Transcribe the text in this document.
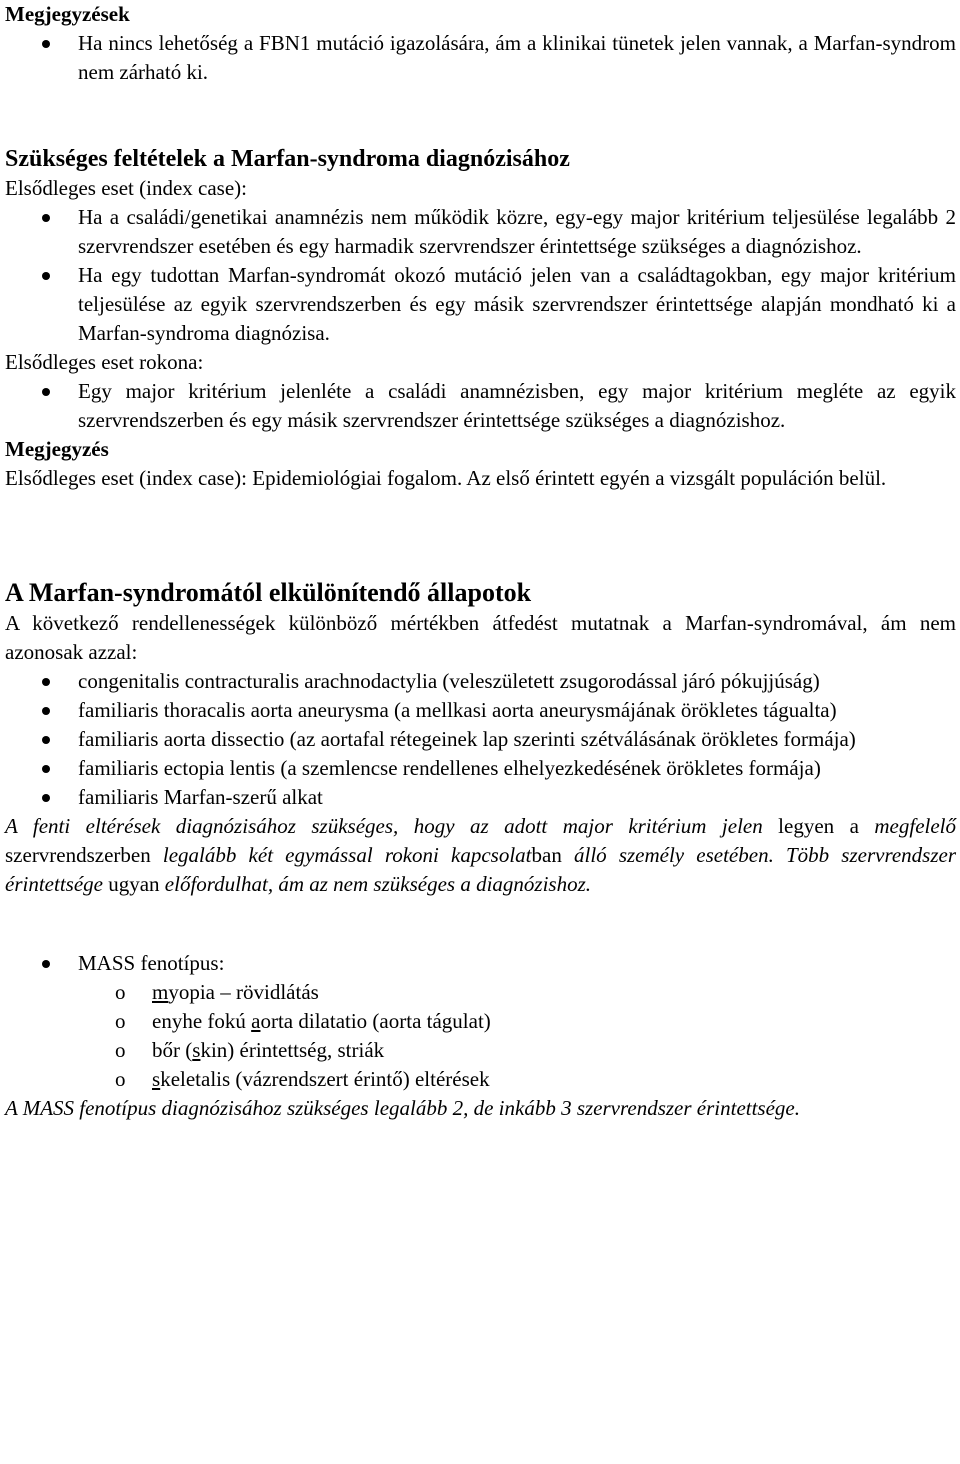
Megjegyzések
Ha nincs lehetőség a FBN1 mutáció igazolására, ám a klinikai tünetek jelen vannak, a Marfan-syndrom nem zárható ki.
Szükséges feltételek a Marfan-syndroma diagnózisához

Elsődleges eset (index case):

Ha a családi/genetikai anamnézis nem működik közre, egy-egy major kritérium teljesülése legalább 2 szervrendszer esetében és egy harmadik szervrendszer érintettsége szükséges a diagnózishoz.
Ha egy tudottan Marfan-syndromát okozó mutáció jelen van a családtagokban, egy major kritérium teljesülése az egyik szervrendszerben és egy másik szervrendszer érintettsége alapján mondható ki a Marfan-syndroma diagnózisa.

Elsődleges eset rokona:

Egy major kritérium jelenléte a családi anamnézisben, egy major kritérium megléte az egyik szervrendszerben és egy másik szervrendszer érintettsége szükséges a diagnózishoz.
Megjegyzés

Elsődleges eset (index case): Epidemiológiai fogalom. Az első érintett egyén a vizsgált populáción belül.

A Marfan-syndromától elkülönítendő állapotok

A következő rendellenességek különböző mértékben átfedést mutatnak a Marfan-syndromával, ám nem azonosak azzal:

congenitalis contracturalis arachnodactylia (veleszületett zsugorodással járó pókujjúság)
familiaris thoracalis aorta aneurysma (a mellkasi aorta aneurysmájának örökletes tágualta)
familiaris aorta dissectio (az aortafal rétegeinek lap szerinti szétválásának örökletes formája)
familiaris ectopia lentis (a szemlencse rendellenes elhelyezkedésének örökletes formája)
familiaris Marfan-szerű alkat

A fenti eltérések diagnózisához szükséges, hogy az adott major kritérium jelen legyen a megfelelő szervrendszerben legalább két egymással rokoni kapcsolatban álló személy esetében. Több szervrendszer érintettsége ugyan előfordulhat, ám az nem szükséges a diagnózishoz.

MASS fenotípus:
o myopia – rövidlátás
o enyhe fokú aorta dilatatio (aorta tágulat)
o bőr (skin) érintettség, striák
o skeletalis (vázrendszert érintő) eltérések

A MASS fenotípus diagnózisához szükséges legalább 2, de inkább 3 szervrendszer érintettsége.
